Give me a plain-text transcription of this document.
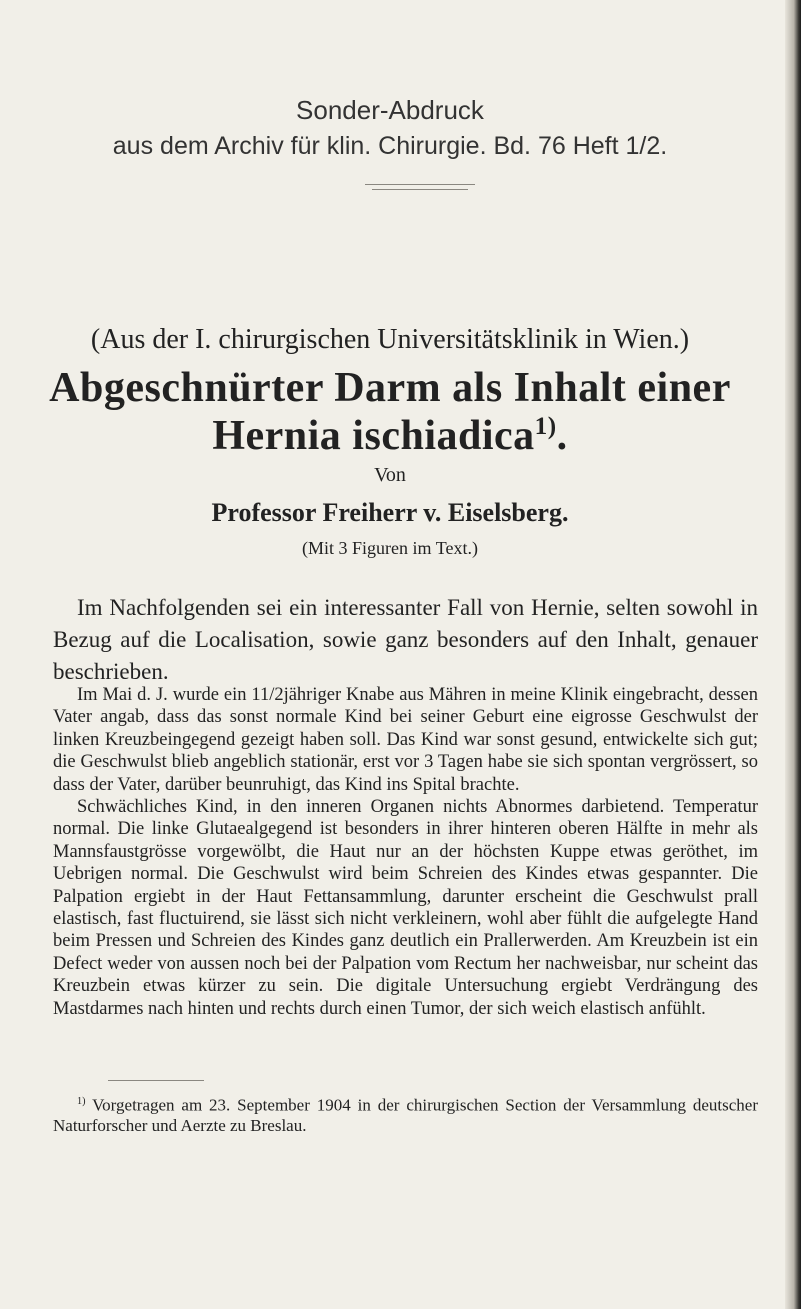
Sonder-Abdruck
aus dem Archiv für klin. Chirurgie. Bd. 76 Heft 1/2.
(Aus der I. chirurgischen Universitätsklinik in Wien.)
Abgeschnürter Darm als Inhalt einer
Hernia ischiadica$^{1)}$.
Von
Professor Freiherr v. Eiselsberg.
(Mit 3 Figuren im Text.)

Im Nachfolgenden sei ein interessanter Fall von Hernie, selten sowohl in Bezug auf die Localisation, sowie ganz besonders auf den Inhalt, genauer beschrieben.

Im Mai d. J. wurde ein 11/2jähriger Knabe aus Mähren in meine Klinik eingebracht, dessen Vater angab, dass das sonst normale Kind bei seiner Geburt eine eigrosse Geschwulst der linken Kreuzbeingegend gezeigt haben soll. Das Kind war sonst gesund, entwickelte sich gut; die Geschwulst blieb angeblich stationär, erst vor 3 Tagen habe sie sich spontan vergrössert, so dass der Vater, darüber beunruhigt, das Kind ins Spital brachte.

Schwächliches Kind, in den inneren Organen nichts Abnormes darbietend. Temperatur normal. Die linke Glutaealgegend ist besonders in ihrer hinteren oberen Hälfte in mehr als Mannsfaustgrösse vorgewölbt, die Haut nur an der höchsten Kuppe etwas geröthet, im Uebrigen normal. Die Geschwulst wird beim Schreien des Kindes etwas gespannter. Die Palpation ergiebt in der Haut Fettansammlung, darunter erscheint die Geschwulst prall elastisch, fast fluctuirend, sie lässt sich nicht verkleinern, wohl aber fühlt die aufgelegte Hand beim Pressen und Schreien des Kindes ganz deutlich ein Prallerwerden. Am Kreuzbein ist ein Defect weder von aussen noch bei der Palpation vom Rectum her nachweisbar, nur scheint das Kreuzbein etwas kürzer zu sein. Die digitale Untersuchung ergiebt Verdrängung des Mastdarmes nach hinten und rechts durch einen Tumor, der sich weich elastisch anfühlt.

$^{1)}$ Vorgetragen am 23. September 1904 in der chirurgischen Section der Versammlung deutscher Naturforscher und Aerzte zu Breslau.
